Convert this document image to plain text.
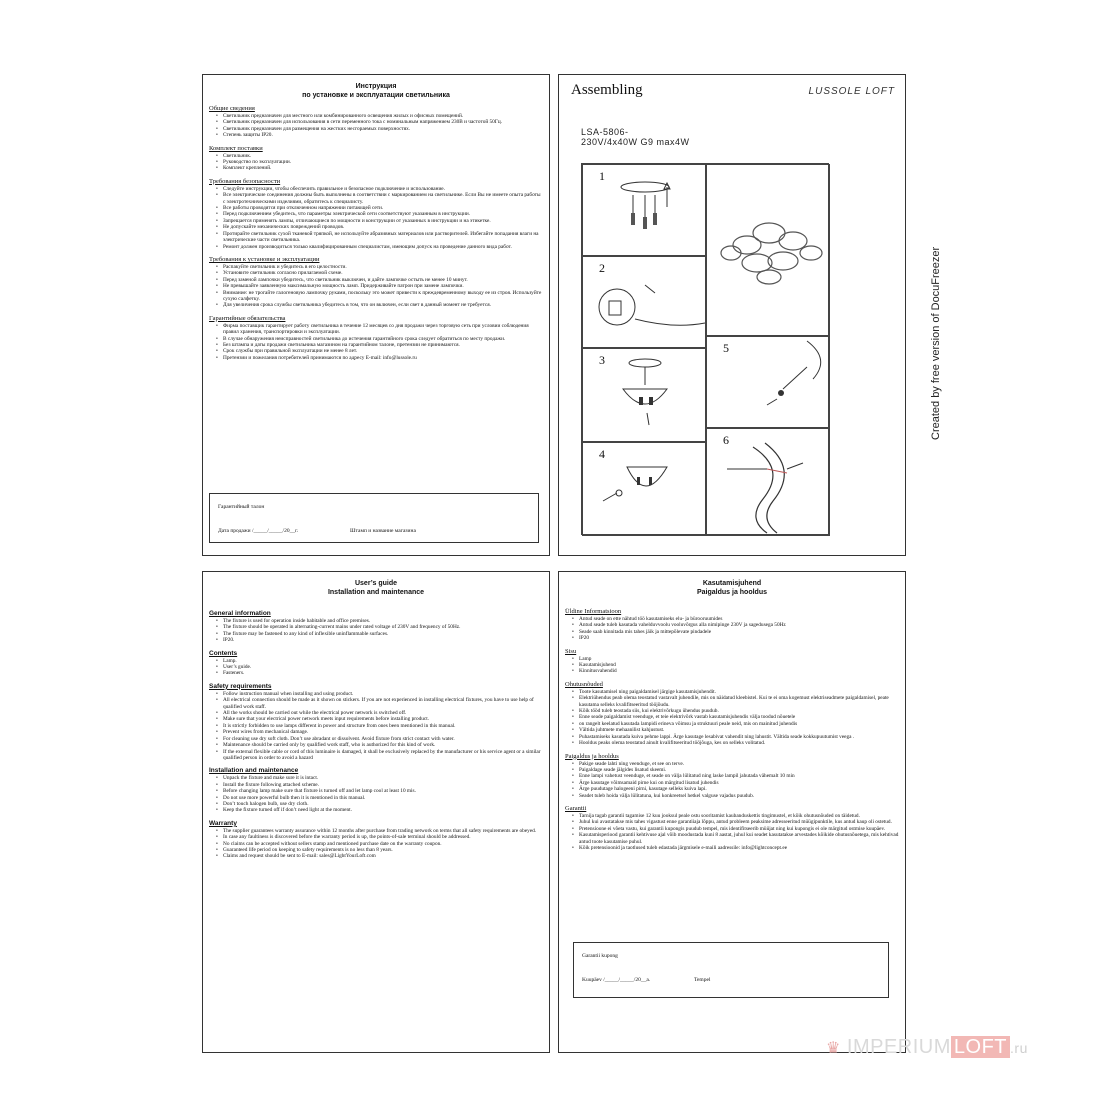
Инструкция
по установке и эксплуатации светильника
Общие сведения
• Светильник предназначен для местного или комбинированного освещения жилых и офисных помещений.
• Светильник предназначен для использования в сети переменного тока с номинальным напряжением 230В и частотой 50Гц.
• Светильник предназначен для размещения на жестких несгораемых поверхностях.
• Степень защиты IP20.
Комплект поставки
• Светильник.
• Руководство по эксплуатации.
• Комплект креплений.
Требования безопасности
• Следуйте инструкции, чтобы обеспечить правильное и безопасное подключение и использование.
• Все электрические соединения должны быть выполнены в соответствии с маркированием на светильнике. Если Вы не имеете опыта работы с электротехническими изделиями, обратитесь к специалисту.
• Все работы проводятся при отключенном напряжении питающей сети.
• Перед подключением убедитесь, что параметры электрической сети соответствуют указанным в инструкции.
• Запрещается применять лампы, отличающиеся по мощности и конструкции от указанных в инструкции и на этикетке.
• Не допускайте механических повреждений проводов.
• Протирайте светильник сухой тканевой тряпкой, не используйте абразивных материалов или растворителей. Избегайте попадания влаги на электрические части светильника.
• Ремонт должен производиться только квалифицированным специалистам, имеющим допуск на проведение данного вида работ.
Требования к установке и эксплуатации
• Распакуйте светильник и убедитесь в его целостности.
• Установите светильник согласно прилагаемой схеме.
• Перед заменой лампочки убедитесь, что светильник выключен, и дайте лампочке остыть не менее 10 минут.
• Не превышайте заявленную максимальную мощность ламп. Придерживайте патрон при замене лампочки.
• Внимание: не трогайте галогеновую лампочку руками, поскольку это может привести к преждевременному выходу ее из строя. Используйте сухую салфетку.
• Для увеличения срока службы светильника убедитесь в том, что он включен, если свет в данный момент не требуется.
Гарантийные обязательства
• Фирма поставщик гарантирует работу светильника в течение 12 месяцев со дня продажи через торговую сеть при условии соблюдения правил хранения, транспортировки и эксплуатации.
• В случае обнаружения неисправностей светильника до истечения гарантийного срока следует обратиться по месту продажи.
• Без штампа и даты продажи светильника магазином на гарантийном талоне, претензии не принимаются.
• Срок службы при правильной эксплуатации не менее 8 лет.
• Претензии и пожелания потребителей принимаются по адресу E-mail: info@lussole.ru
Гарантийный талон
Дата продажи /_____/_____/20__г.	Штамп и название магазина
Assembling	LUSSOLE LOFT
LSA-5806-
230V/4x40W G9 max4W
1
2
5
3
6
4
User’s guide
Installation and maintenance
General information
• The fixture is used for operation inside habitable and office premises.
• The fixture should be operated in alternating-current mains under rated voltage of 230V and frequency of 50Hz.
• The fixture may be fastened to any kind of inflexible uninflammable surfaces.
• IP20.
Contents
• Lamp.
• User’s guide.
• Fasteners.
Safety requirements
• Follow instruction manual when installing and using product.
• All electrical connection should be made as it shown on stickers. If you are not experienced in installing electrical fixtures, you have to use help of qualified work staff.
• All the works should be carried out while the electrical power network is switched off.
• Make sure that your electrical power network meets input requirements before installing product.
• It is strictly forbidden to use lamps different in power and structure from ones been mentioned in this manual.
• Prevent wires from mechanical damage.
• For cleaning use dry soft cloth. Don’t use abradant or dissolvent. Avoid fixture from strict contact with water.
• Maintenance should be carried only by qualified work staff, who is authorized for this kind of work.
• If the external flexible cable or cord of this luminaire is damaged, it shall be exclusively replaced by the manufacturer or his service agent or a similar qualified person in order to avoid a hazard
Installation and maintenance
• Unpack the fixture and make sure it is intact.
• Install the fixture following attached scheme.
• Before changing lamp make sure that fixture is turned off and let lamp cool at least 10 mis.
• Do not use more powerful bulb then it is mentioned in this manual.
• Don’t touch halogen bulb, use dry cloth.
• Keep the fixture turned off if don’t need light at the moment.
Warranty
• The supplier guarantees warranty assurance within 12 months after purchase from trading network on terms that all safety requirements are obeyed.
• In case any faultiness is discovered before the warranty period is up, the points-of-sale terminal should be addressed.
• No claims can be accepted without sellers stamp and mentioned purchase date on the warranty coupon.
• Guaranteed life period on keeping to safety requirements is no less than 8 years.
• Claims and request should be sent to E-mail: sales@LightYourLoft.com
Kasutamisjuhend
Paigaldus ja hooldus
Üldine Informatsioon
• Antud seade on ette nähtud töö kasutamiseks elu- ja bürooruumides
• Antud seade tuleb kasutada vahelduvvoolu vooluvõrgus alla nimipinge 230V ja sagedusega 50Hz
• Seade saab kinnitada mis tahes jäik ja mittepõlevate pindadele
• IP20
Sisu
• Lamp
• Kasutamisjuhend
• Kinnitusvahendid
Ohutusnõuded
• Toote kasutamisel ning paigaldamisel järgige kasutamisjuhendit.
• Elektriühendus peab olema teostatud vastavalt juhendile, mis on näidatud kleebistel. Kui te ei oma kogemust elektriseadmete paigaldamisel, peate kasutama selleks kvalifitseeritud tööjõudu.
• Kõik tööd tuleb teostada siis, kui elektrivõrkugu ühendus puudub.
• Enne seade paigaldamist veenduge, et teie elektrivõrk vastab kasutamisjuhendis välja toodud nõuetele
• on rangelt keelatud kasutada lampidi erineva võimsu ja struktuuri peale neid, mis on mainitud juhendis
• Vältida juhtmete mehaanilist kahjustust.
• Puhastamiseks kasutada kuiva pehme lappi. Ärge kasutage lesabivat vahendit ning lahustit. Vältida seade kokkupuutumist veega .
• Hooldus peaks olema teostatud ainult kvalifitseeritud tööjõuga, kes on selleks volitatud.
Paigaldus ja hooldus
• Pakige seade lahti ning veenduge, et see on terve.
• Paigaldage seade jälgides lisatud skeemi.
• Enne lampi vahetust veenduge, et seade on välja lülitatud ning laske lampil jahutada vähemalt 10 min
• Ärge kasutage võimsamaid pirne kui on märgitud lisatud juhendis
• Ärge puudutage halogeeni pirni, kasutage selleks kuiva lapi.
• Seadet tuleb hoida välja lülitatuna, kui konkreetsel hetkel valguse vajadus puudub.
Garantii
• Tarnija tagab garantii tagamise 12 kuu jooksul peale ostu sooritamist kaubanduskettis tingimustel, et kõik ohutusnõuded on täidetud.
• Juhul kui avastatakse mis tahes vigastust enne garantiiaja lõppu, antud probleem peaksime adresseeritud müügipunktile, kus antud kaup oli ostetud.
• Pretensioone ei võeta vastu, kui garantii kupongis puudub tempel, mis identifitseerib müüjat ning kui kupongis ei ole märgitud ostmise kuupäev.
• Kasutamisperiood garantii kehtivuse ajal võib moodustada kuni 8 aastat, juhul kui seadet kasutatakse arvestades kõikide ohutusnõuetega, mis kehtivad antud toote kasutamise puhul.
• Kõik pretensioonid ja taotlused tuleb edastada järgmisele e-maili aadressile: info@lightconcept.ee
Garantii kupong
Kuupäev /_____/_____/20__a.	Tempel
Created by free version of DocuFreezer
♛ IMPERIUM LOFT .ru
